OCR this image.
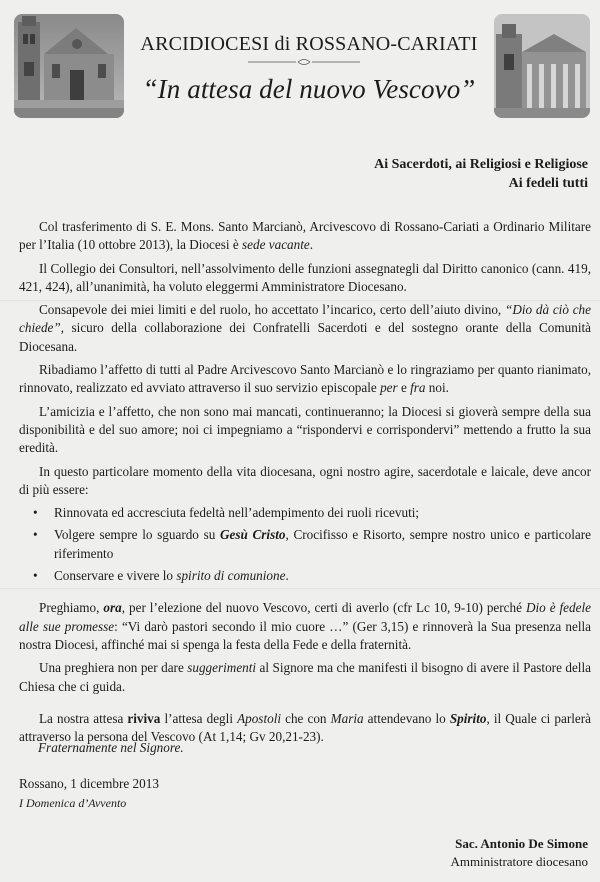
ARCIDIOCESI di ROSSANO-CARIATI
“In attesa del nuovo Vescovo”
Ai Sacerdoti, ai Religiosi e Religiose
Ai fedeli tutti

Col trasferimento di S. E. Mons. Santo Marcianò, Arcivescovo di Rossano-Cariati a Ordinario Militare per l’Italia (10 ottobre 2013), la Diocesi è sede vacante.

Il Collegio dei Consultori, nell’assolvimento delle funzioni assegnategli dal Diritto canonico (cann. 419, 421, 424), all’unanimità, ha voluto eleggermi Amministratore Diocesano.

Consapevole dei miei limiti e del ruolo, ho accettato l’incarico, certo dell’aiuto divino, “Dio dà ciò che chiede”, sicuro della collaborazione dei Confratelli Sacerdoti e del sostegno orante della Comunità Diocesana.

Ribadiamo l’affetto di tutti al Padre Arcivescovo Santo Marcianò e lo ringraziamo per quanto rianimato, rinnovato, realizzato ed avviato attraverso il suo servizio episcopale per e fra noi.

L’amicizia e l’affetto, che non sono mai mancati, continueranno; la Diocesi si gioverà sempre della sua disponibilità e del suo amore; noi ci impegniamo a “rispondervi e corrispondervi” mettendo a frutto la sua eredità.

In questo particolare momento della vita diocesana, ogni nostro agire, sacerdotale e laicale, deve ancor di più essere:

• Rinnovata ed accresciuta fedeltà nell’adempimento dei ruoli ricevuti;
• Volgere sempre lo sguardo su Gesù Cristo, Crocifisso e Risorto, sempre nostro unico e particolare riferimento
• Conservare e vivere lo spirito di comunione.

Preghiamo, ora, per l’elezione del nuovo Vescovo, certi di averlo (cfr Lc 10, 9-10) perché Dio è fedele alle sue promesse: “Vi darò pastori secondo il mio cuore …” (Ger 3,15) e rinnoverà la Sua presenza nella nostra Diocesi, affinché mai si spenga la festa della Fede e della fraternità.

Una preghiera non per dare suggerimenti al Signore ma che manifesti il bisogno di avere il Pastore della Chiesa che ci guida.

La nostra attesa riviva l’attesa degli Apostoli che con Maria attendevano lo Spirito, il Quale ci parlerà attraverso la persona del Vescovo (At 1,14; Gv 20,21-23).

Fraternamente nel Signore.
Rossano, 1 dicembre 2013
I Domenica d’Avvento
Sac. Antonio De Simone
Amministratore diocesano
